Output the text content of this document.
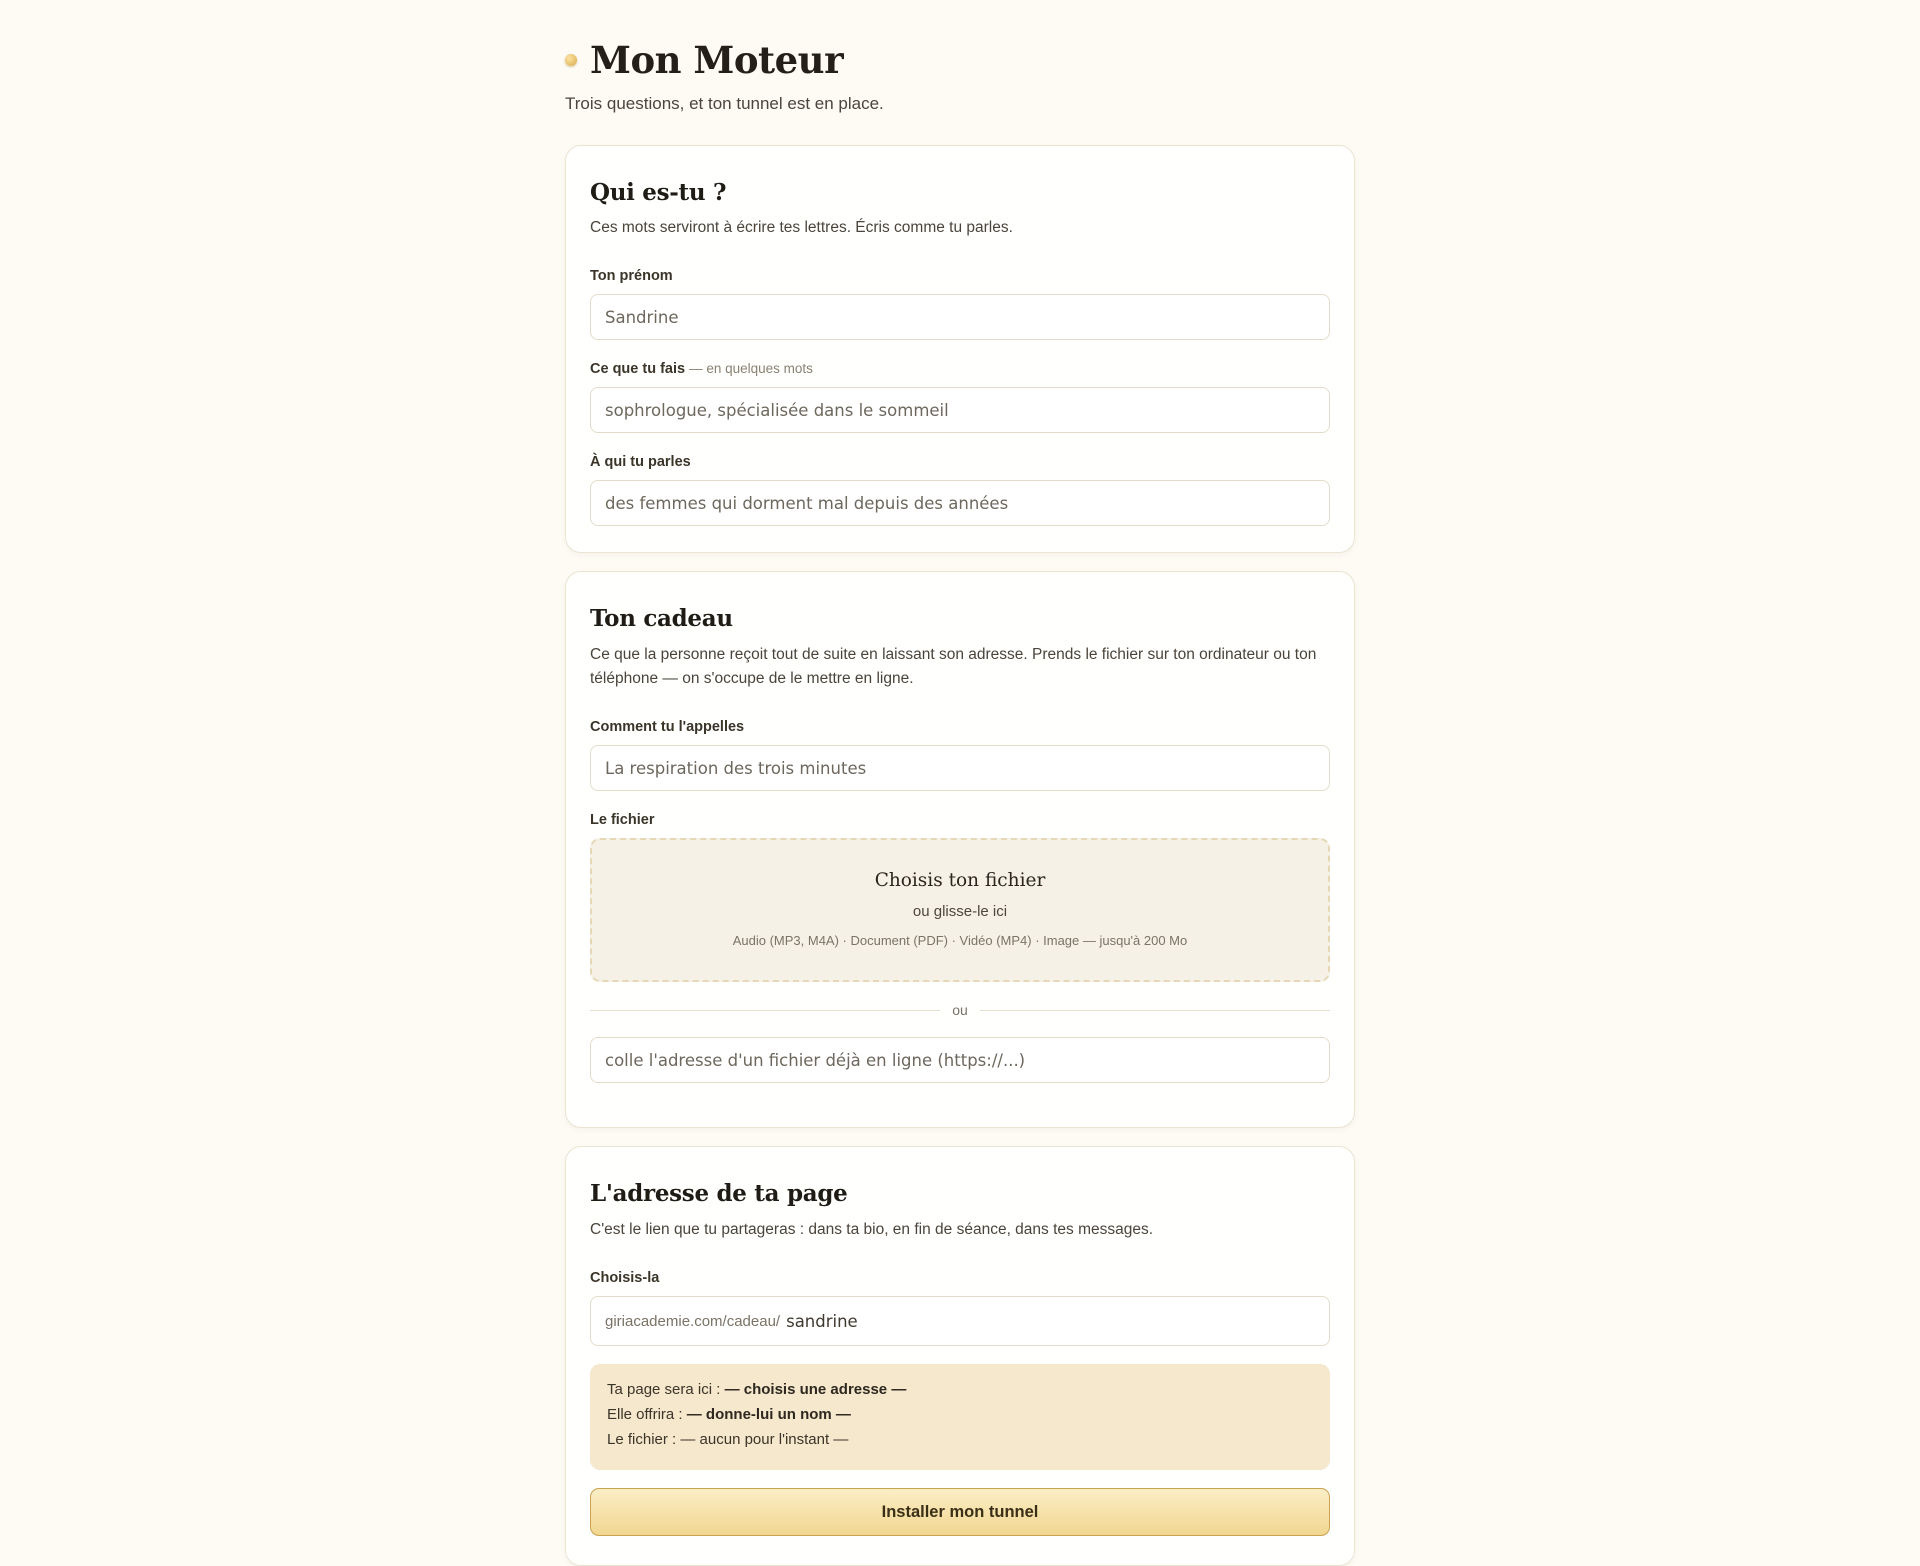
Mon Moteur
Trois questions, et ton tunnel est en place.
Qui es-tu ?
Ces mots serviront à écrire tes lettres. Écris comme tu parles.
Ton prénom
Sandrine
Ce que tu fais — en quelques mots
sophrologue, spécialisée dans le sommeil
À qui tu parles
des femmes qui dorment mal depuis des années
Ton cadeau
Ce que la personne reçoit tout de suite en laissant son adresse. Prends le fichier sur ton ordinateur ou ton téléphone — on s'occupe de le mettre en ligne.
Comment tu l'appelles
La respiration des trois minutes
Le fichier
Choisis ton fichier
ou glisse-le ici
Audio (MP3, M4A) · Document (PDF) · Vidéo (MP4) · Image — jusqu'à 200 Mo
ou
colle l'adresse d'un fichier déjà en ligne (https://...)
L'adresse de ta page
C'est le lien que tu partageras : dans ta bio, en fin de séance, dans tes messages.
Choisis-la
giriacademie.com/cadeau/
sandrine
Ta page sera ici : — choisis une adresse —
Elle offrira : — donne-lui un nom —
Le fichier : — aucun pour l'instant —
Installer mon tunnel
